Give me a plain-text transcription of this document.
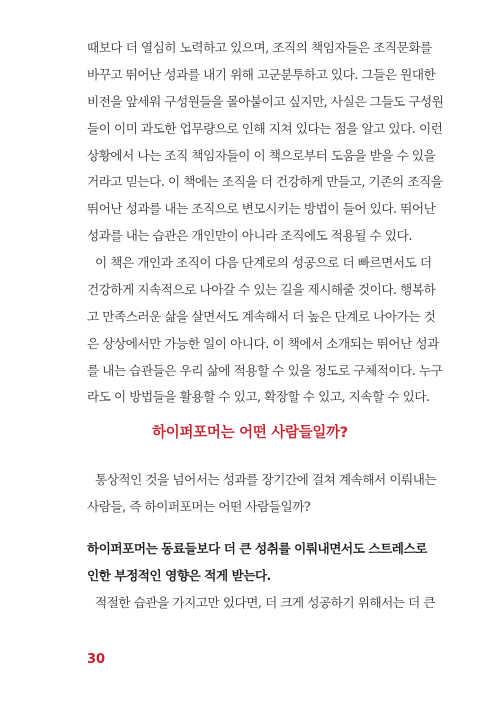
때보다 더 열심히 노력하고 있으며, 조직의 책임자들은 조직문화를
바꾸고 뛰어난 성과를 내기 위해 고군분투하고 있다. 그들은 원대한
비전을 앞세워 구성원들을 몰아붙이고 싶지만, 사실은 그들도 구성원
들이 이미 과도한 업무량으로 인해 지쳐 있다는 점을 알고 있다. 이런
상황에서 나는 조직 책임자들이 이 책으로부터 도움을 받을 수 있을
거라고 믿는다. 이 책에는 조직을 더 건강하게 만들고, 기존의 조직을
뛰어난 성과를 내는 조직으로 변모시키는 방법이 들어 있다. 뛰어난
성과를 내는 습관은 개인만이 아니라 조직에도 적용될 수 있다.
이 책은 개인과 조직이 다음 단계로의 성공으로 더 빠르면서도 더
건강하게 지속적으로 나아갈 수 있는 길을 제시해줄 것이다. 행복하
고 만족스러운 삶을 살면서도 계속해서 더 높은 단계로 나아가는 것
은 상상에서만 가능한 일이 아니다. 이 책에서 소개되는 뛰어난 성과
를 내는 습관들은 우리 삶에 적용할 수 있을 정도로 구체적이다. 누구
라도 이 방법들을 활용할 수 있고, 확장할 수 있고, 지속할 수 있다.
하이퍼포머는 어떤 사람들일까?
통상적인 것을 넘어서는 성과를 장기간에 걸쳐 계속해서 이뤄내는
사람들, 즉 하이퍼포머는 어떤 사람들일까?
하이퍼포머는 동료들보다 더 큰 성취를 이뤄내면서도 스트레스로
인한 부정적인 영향은 적게 받는다.
적절한 습관을 가지고만 있다면, 더 크게 성공하기 위해서는 더 큰
30
